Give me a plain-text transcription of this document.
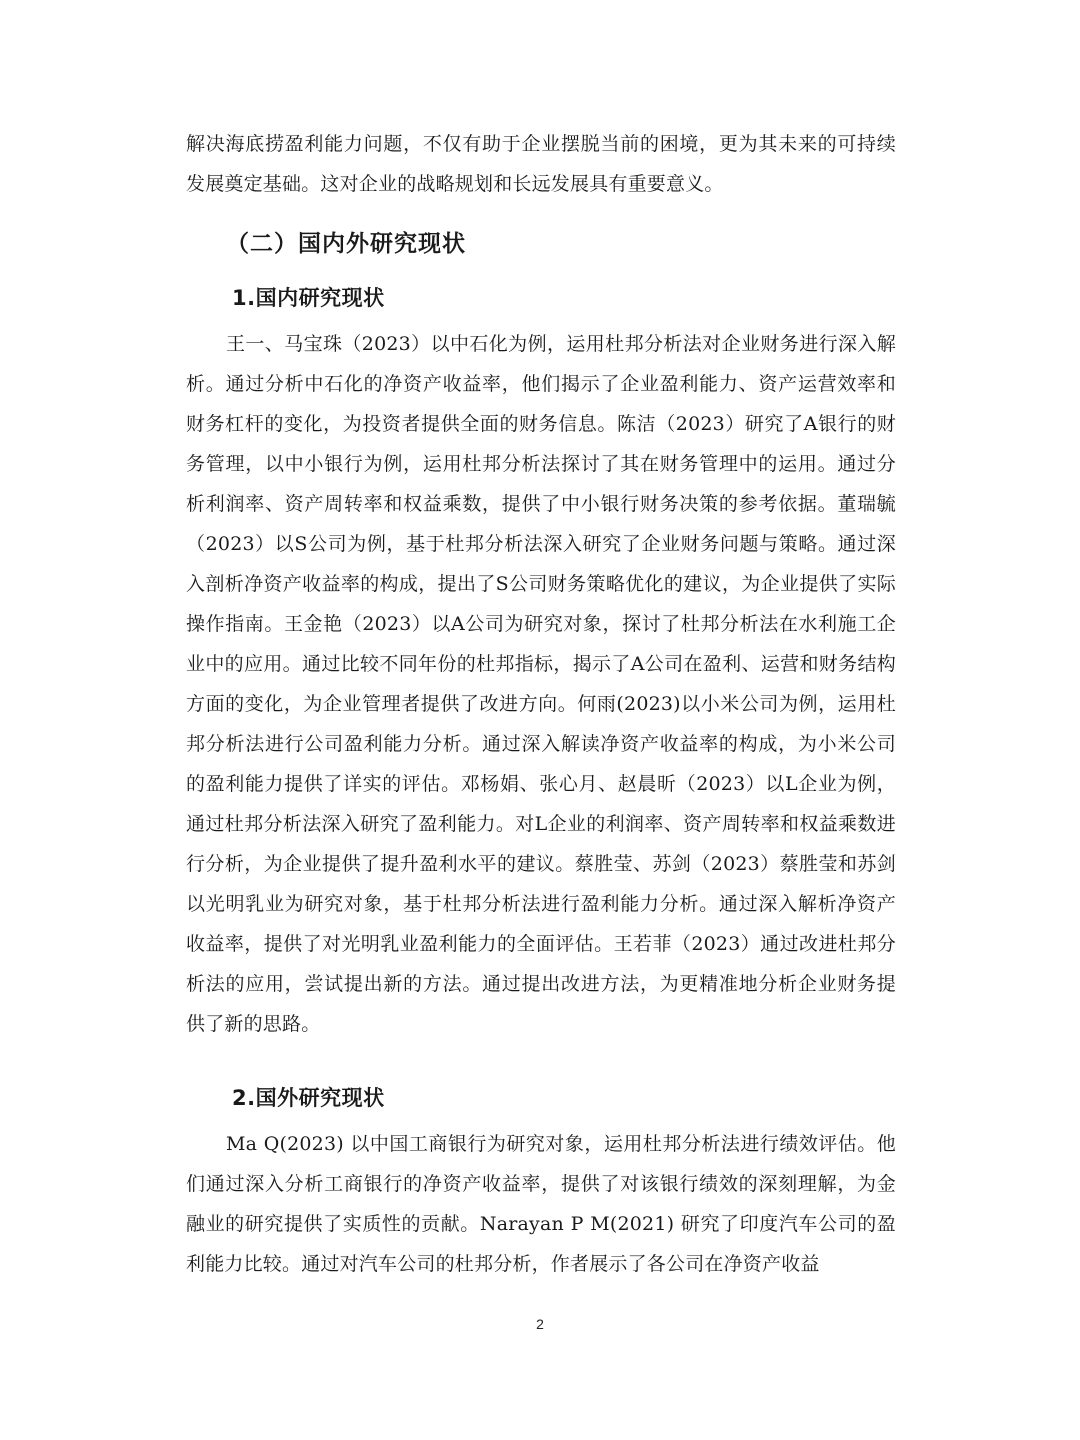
解决海底捞盈利能力问题，不仅有助于企业摆脱当前的困境，更为其未来的可持续发展奠定基础。这对企业的战略规划和长远发展具有重要意义。

（二）国内外研究现状
1.国内研究现状

王一、马宝珠（2023）以中石化为例，运用杜邦分析法对企业财务进行深入解析。通过分析中石化的净资产收益率，他们揭示了企业盈利能力、资产运营效率和财务杠杆的变化，为投资者提供全面的财务信息。陈洁（2023）研究了A银行的财务管理，以中小银行为例，运用杜邦分析法探讨了其在财务管理中的运用。通过分析利润率、资产周转率和权益乘数，提供了中小银行财务决策的参考依据。董瑞毓（2023）以S公司为例，基于杜邦分析法深入研究了企业财务问题与策略。通过深入剖析净资产收益率的构成，提出了S公司财务策略优化的建议，为企业提供了实际操作指南。王金艳（2023）以A公司为研究对象，探讨了杜邦分析法在水利施工企业中的应用。通过比较不同年份的杜邦指标，揭示了A公司在盈利、运营和财务结构方面的变化，为企业管理者提供了改进方向。何雨(2023)以小米公司为例，运用杜邦分析法进行公司盈利能力分析。通过深入解读净资产收益率的构成，为小米公司的盈利能力提供了详实的评估。邓杨娟、张心月、赵晨昕（2023）以L企业为例，通过杜邦分析法深入研究了盈利能力。对L企业的利润率、资产周转率和权益乘数进行分析，为企业提供了提升盈利水平的建议。蔡胜莹、苏剑（2023）蔡胜莹和苏剑以光明乳业为研究对象，基于杜邦分析法进行盈利能力分析。通过深入解析净资产收益率，提供了对光明乳业盈利能力的全面评估。王若菲（2023）通过改进杜邦分析法的应用，尝试提出新的方法。通过提出改进方法，为更精准地分析企业财务提供了新的思路。

2.国外研究现状

Ma Q(2023) 以中国工商银行为研究对象，运用杜邦分析法进行绩效评估。他们通过深入分析工商银行的净资产收益率，提供了对该银行绩效的深刻理解，为金融业的研究提供了实质性的贡献。Narayan P M(2021) 研究了印度汽车公司的盈利能力比较。通过对汽车公司的杜邦分析，作者展示了各公司在净资产收益

2
